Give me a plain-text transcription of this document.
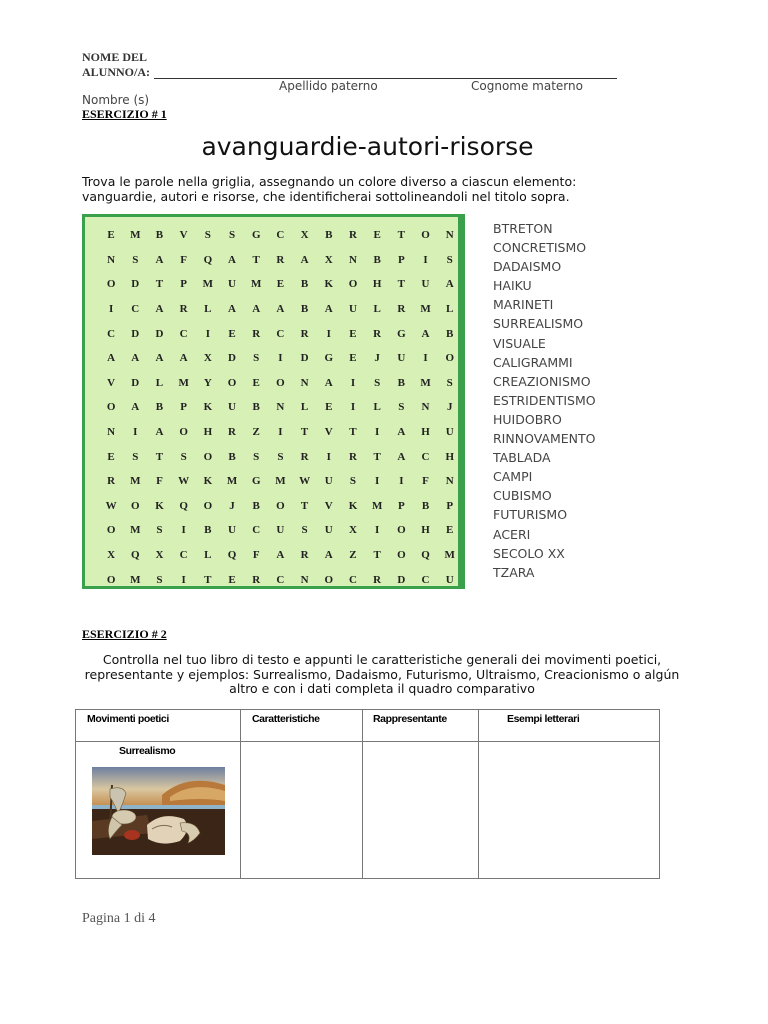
NOME DEL ALUNNO/A:
Apellido paterno	Cognome materno
Nombre (s)
ESERCIZIO # 1
avanguardie-autori-risorse
Trova le parole nella griglia, assegnando un colore diverso a ciascun elemento:
vanguardie, autori e risorse, che identificherai sottolineandoli nel titolo sopra.
E	M	B	V	S	S	G	C	X	B	R	E	T	O	N
N	S	A	F	Q	A	T	R	A	X	N	B	P	I	S
O	D	T	P	M	U	M	E	B	K	O	H	T	U	A
I	C	A	R	L	A	A	A	B	A	U	L	R	M	L
C	D	D	C	I	E	R	C	R	I	E	R	G	A	B
A	A	A	A	X	D	S	I	D	G	E	J	U	I	O
V	D	L	M	Y	O	E	O	N	A	I	S	B	M	S
O	A	B	P	K	U	B	N	L	E	I	L	S	N	J
N	I	A	O	H	R	Z	I	T	V	T	I	A	H	U
E	S	T	S	O	B	S	S	R	I	R	T	A	C	H
R	M	F	W	K	M	G	M	W	U	S	I	I	F	N
W	O	K	Q	O	J	B	O	T	V	K	M	P	B	P
O	M	S	I	B	U	C	U	S	U	X	I	O	H	E
X	Q	X	C	L	Q	F	A	R	A	Z	T	O	Q	M
O	M	S	I	T	E	R	C	N	O	C	R	D	C	U
BTRETON
CONCRETISMO
DADAISMO
HAIKU
MARINETI
SURREALISMO
VISUALE
CALIGRAMMI
CREAZIONISMO
ESTRIDENTISMO
HUIDOBRO
RINNOVAMENTO
TABLADA
CAMPI
CUBISMO
FUTURISMO
ACERI
SECOLO XX
TZARA
ESERCIZIO # 2
Controlla nel tuo libro di testo e appunti le caratteristiche generali dei movimenti poetici,
representante y ejemplos: Surrealismo, Dadaismo, Futurismo, Ultraismo, Creacionismo o algún
altro e con i dati completa il quadro comparativo
Movimenti poetici	Caratteristiche	Rappresentante	Esempi letterari

Surrealismo			

Pagina 1 di 4
